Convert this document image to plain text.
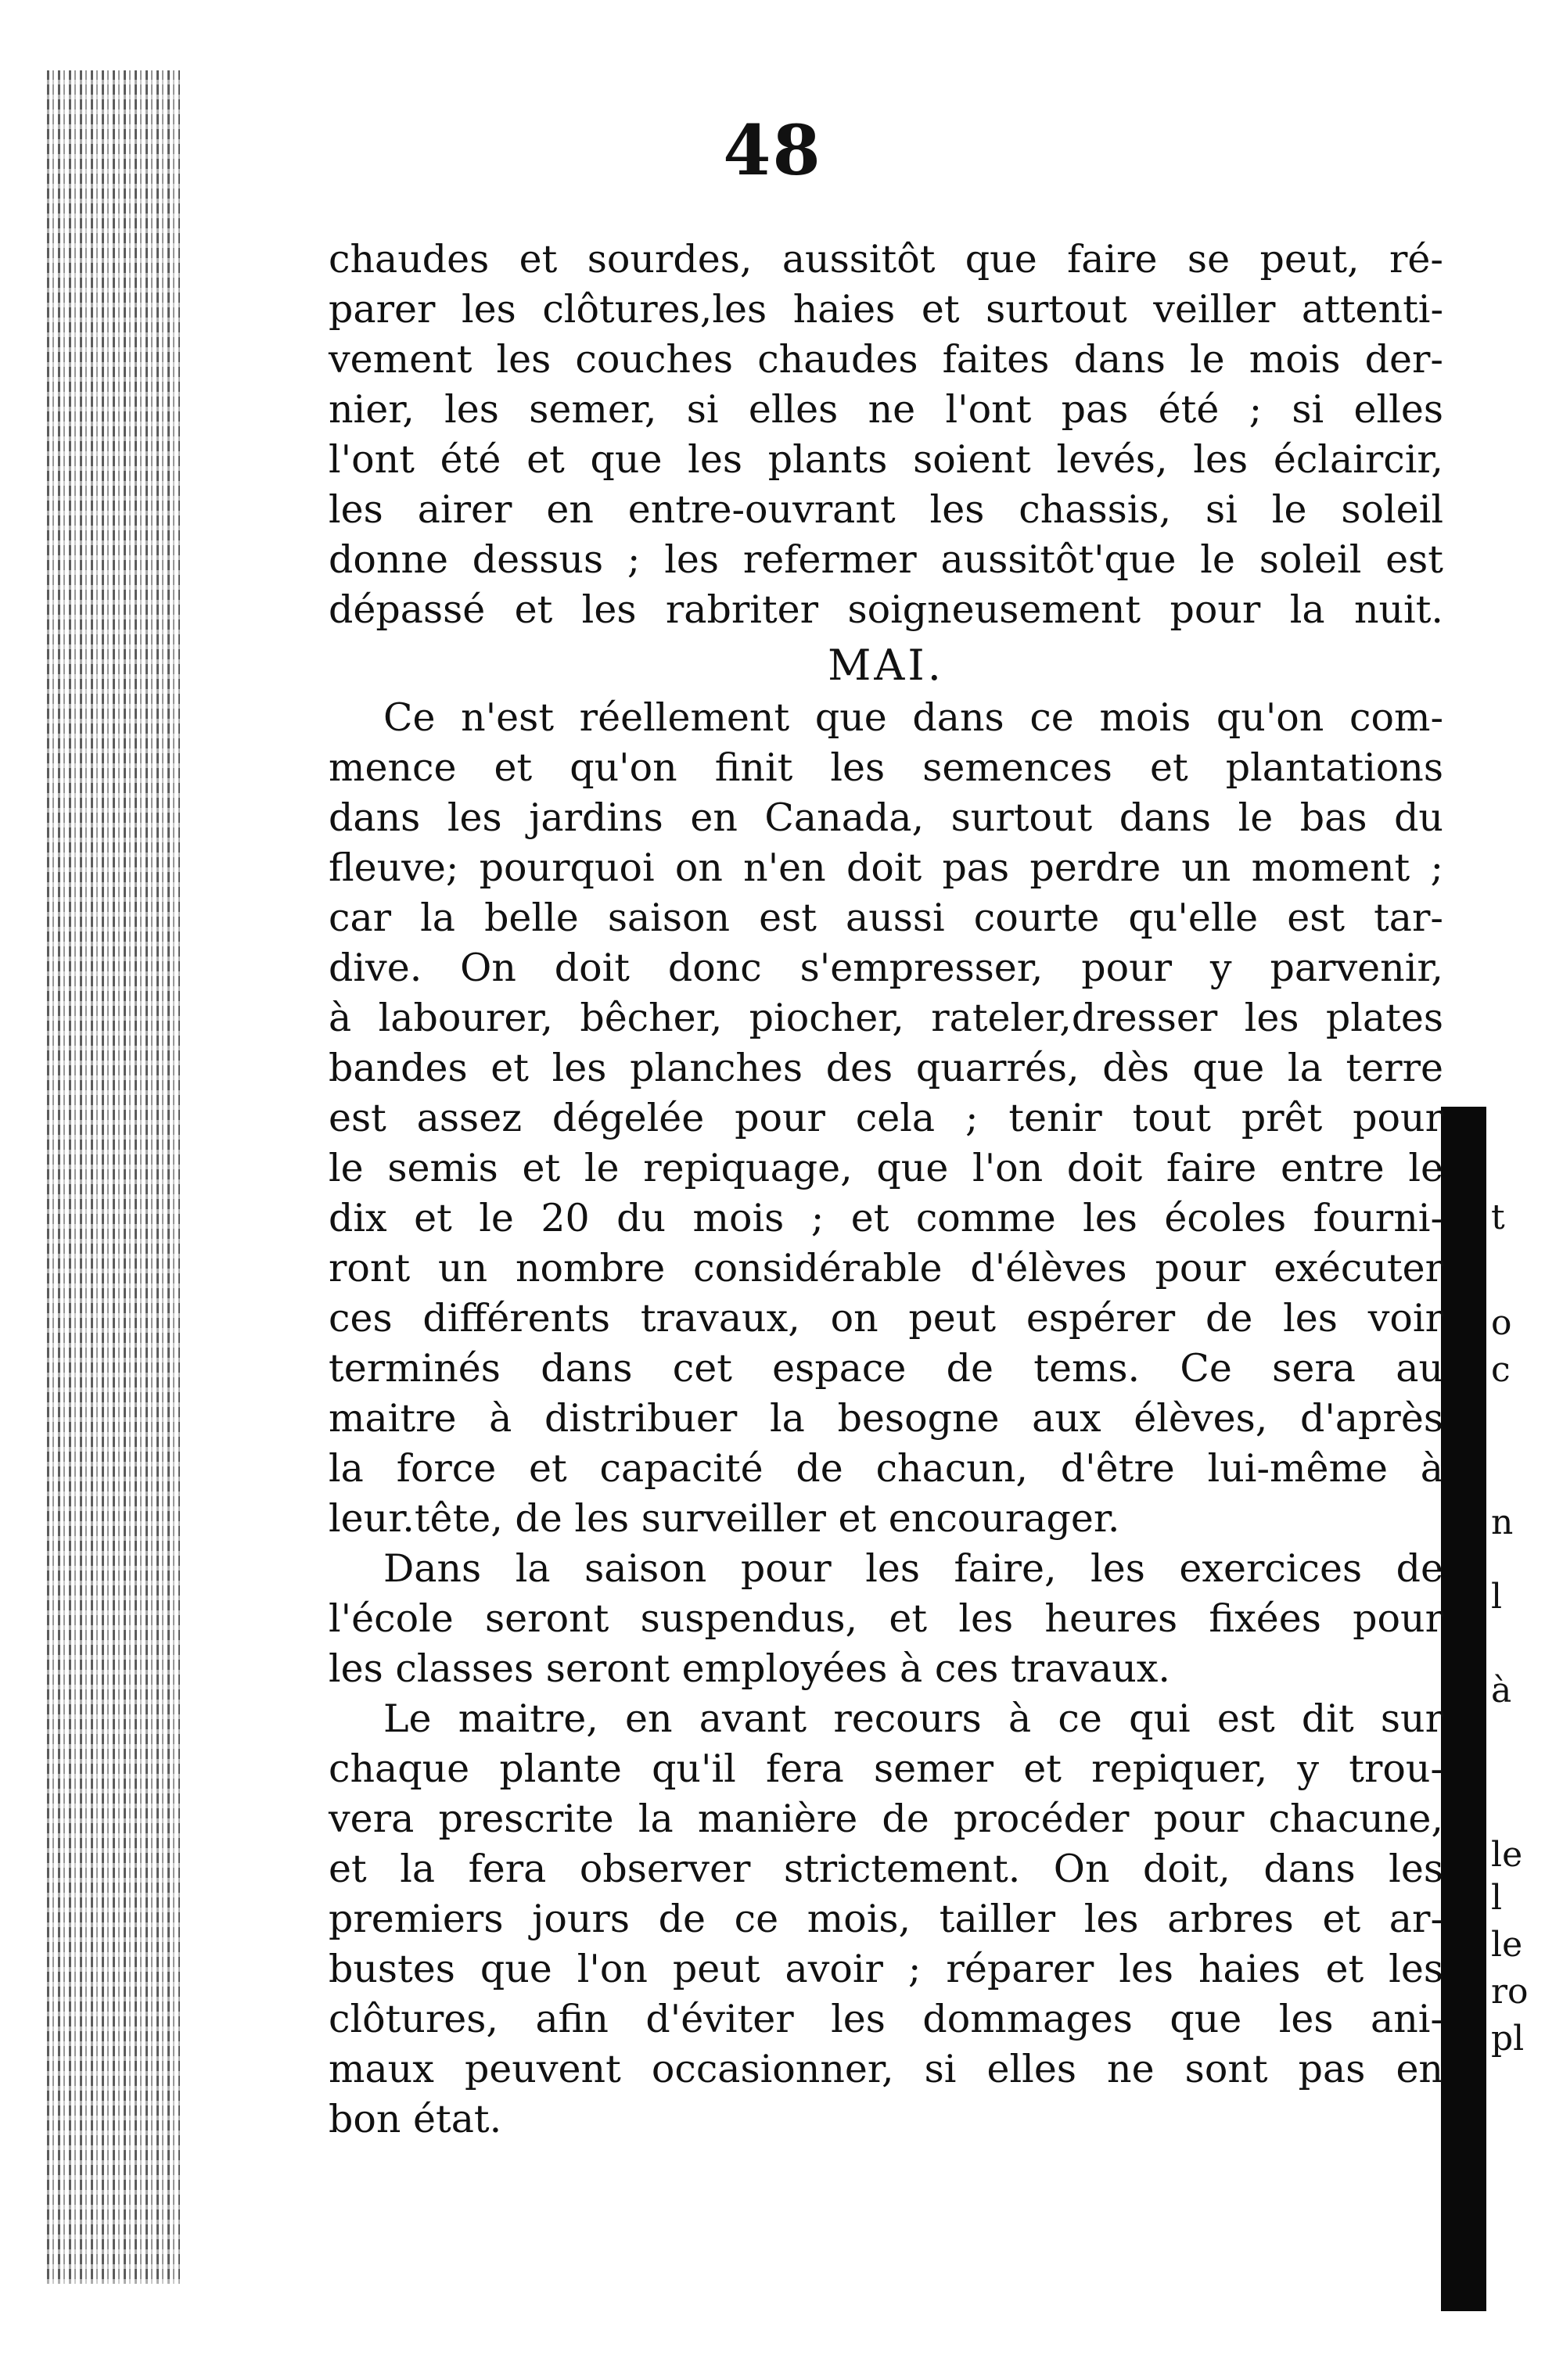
t
o
c
n
l
à
le
l
le
ro
pl
48
chaudes et sourdes, aussitôt que faire se peut, ré-
parer les clôtures,les haies et surtout veiller attenti-
vement les couches chaudes faites dans le mois der-
nier, les semer, si elles ne l'ont pas été ; si elles
l'ont été et que les plants soient levés, les éclaircir,
les airer en entre-ouvrant les chassis, si le soleil
donne dessus ; les refermer aussitôt'que le soleil est
dépassé et les rabriter soigneusement pour la nuit.
MAI.
Ce n'est réellement que dans ce mois qu'on com-
mence et qu'on finit les semences et plantations
dans les jardins en Canada, surtout dans le bas du
fleuve; pourquoi on n'en doit pas perdre un moment ;
car la belle saison est aussi courte qu'elle est tar-
dive. On doit donc s'empresser, pour y parvenir,
à labourer, bêcher, piocher, rateler,dresser les plates
bandes et les planches des quarrés, dès que la terre
est assez dégelée pour cela ; tenir tout prêt pour
le semis et le repiquage, que l'on doit faire entre le
dix et le 20 du mois ; et comme les écoles fourni-
ront un nombre considérable d'élèves pour exécuter
ces différents travaux, on peut espérer de les voir
terminés dans cet espace de tems. Ce sera au
maitre à distribuer la besogne aux élèves, d'après
la force et capacité de chacun, d'être lui-même à
leur.tête, de les surveiller et encourager.
Dans la saison pour les faire, les exercices de
l'école seront suspendus, et les heures fixées pour
les classes seront employées à ces travaux.
Le maitre, en avant recours à ce qui est dit sur
chaque plante qu'il fera semer et repiquer, y trou-
vera prescrite la manière de procéder pour chacune,
et la fera observer strictement. On doit, dans les
premiers jours de ce mois, tailler les arbres et ar-
bustes que l'on peut avoir ; réparer les haies et les
clôtures, afin d'éviter les dommages que les ani-
maux peuvent occasionner, si elles ne sont pas en
bon état.
